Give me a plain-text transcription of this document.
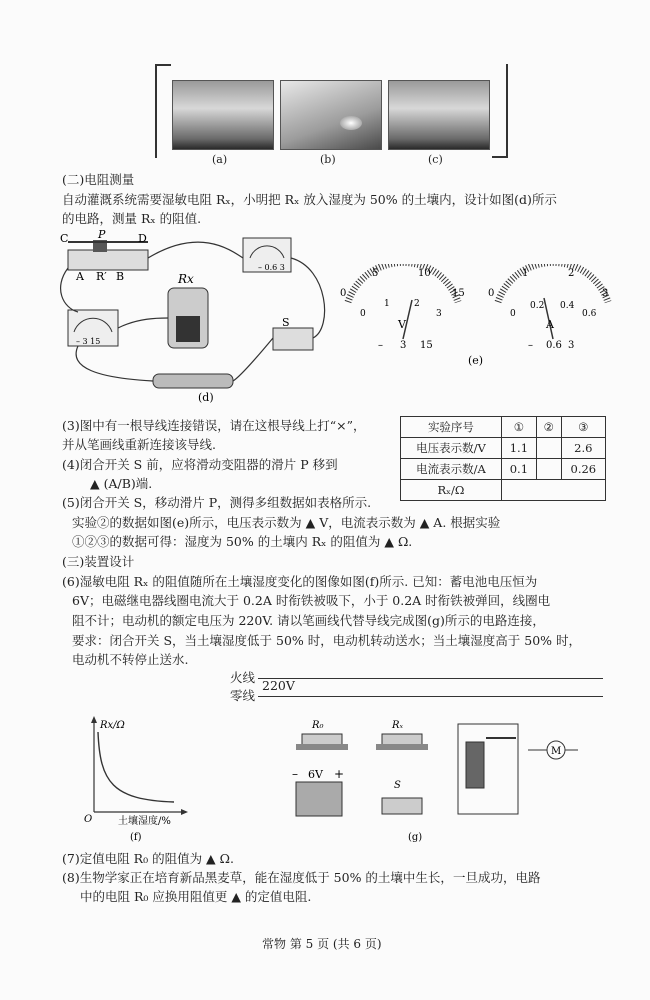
(a)	(b)	(c)
(二)电阻测量
自动灌溉系统需要湿敏电阻 Rₓ，小明把 Rₓ 放入湿度为 50% 的土壤内，设计如图(d)所示
的电路，测量 Rₓ 的阻值.
C	P	D
A R′ B
– 0.6 3
Rx
– 3 15
S
(d)
0
5	10
15
0
1	2
3
V
– 3 15
0
1	2
3
0
0.2 0.4
0.6
A
– 0.6 3
(e)
(3)图中有一根导线连接错误，请在这根导线上打“×”，
并从笔画线重新连接该导线.
(4)闭合开关 S 前，应将滑动变阻器的滑片 P 移到
▲ (A/B)端.
(5)闭合开关 S，移动滑片 P，测得多组数据如表格所示.
实验②的数据如图(e)所示，电压表示数为 ▲ V，电流表示数为 ▲ A. 根据实验
①②③的数据可得：湿度为 50% 的土壤内 Rₓ 的阻值为 ▲ Ω.
实验序号	①	②	③
电压表示数/V	1.1		2.6
电流表示数/A	0.1		0.26
Rₓ/Ω			
(三)装置设计
(6)湿敏电阻 Rₓ 的阻值随所在土壤湿度变化的图像如图(f)所示. 已知：蓄电池电压恒为
6V；电磁继电器线圈电流大于 0.2A 时衔铁被吸下，小于 0.2A 时衔铁被弹回，线圈电
阻不计；电动机的额定电压为 220V. 请以笔画线代替导线完成图(g)所示的电路连接，
要求：闭合开关 S，当土壤湿度低于 50% 时，电动机转动送水；当土壤湿度高于 50% 时，
电动机不转停止送水.
火线
220V
零线
Rx/Ω
O	土壤湿度/%
(f)
R₀	Rₓ
M
– 6V +
S
(g)
(7)定值电阻 R₀ 的阻值为 ▲ Ω.
(8)生物学家正在培育新品黑麦草，能在湿度低于 50% 的土壤中生长，一旦成功，电路
中的电阻 R₀ 应换用阻值更 ▲ 的定值电阻.
常物 第 5 页 (共 6 页)
